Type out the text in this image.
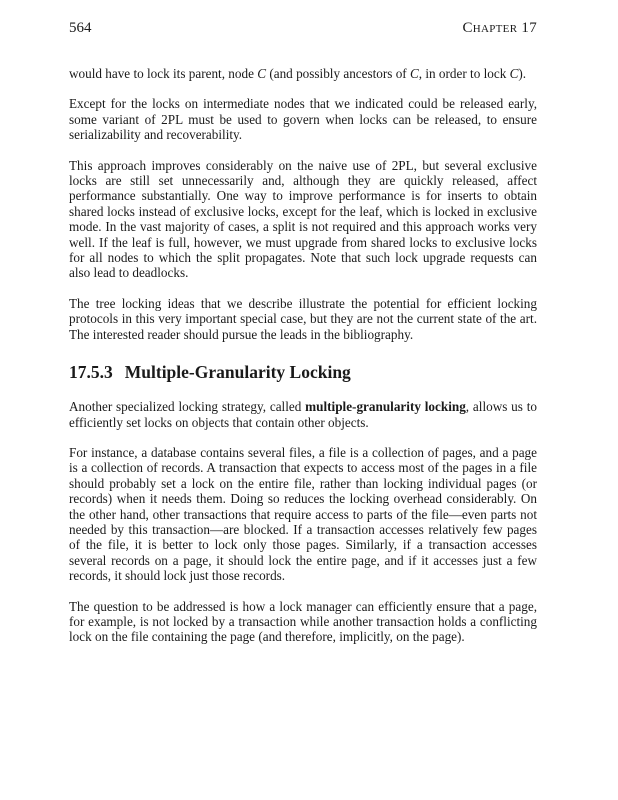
564	Chapter 17

would have to lock its parent, node C (and possibly ancestors of C, in order to lock C).

Except for the locks on intermediate nodes that we indicated could be released early, some variant of 2PL must be used to govern when locks can be released, to ensure serializability and recoverability.

This approach improves considerably on the naive use of 2PL, but several exclusive locks are still set unnecessarily and, although they are quickly released, affect performance substantially. One way to improve performance is for inserts to obtain shared locks instead of exclusive locks, except for the leaf, which is locked in exclusive mode. In the vast majority of cases, a split is not required and this approach works very well. If the leaf is full, however, we must upgrade from shared locks to exclusive locks for all nodes to which the split propagates. Note that such lock upgrade requests can also lead to deadlocks.

The tree locking ideas that we describe illustrate the potential for efficient locking protocols in this very important special case, but they are not the current state of the art. The interested reader should pursue the leads in the bibliography.

17.5.3 Multiple-Granularity Locking

Another specialized locking strategy, called multiple-granularity locking, allows us to efficiently set locks on objects that contain other objects.

For instance, a database contains several files, a file is a collection of pages, and a page is a collection of records. A transaction that expects to access most of the pages in a file should probably set a lock on the entire file, rather than locking individual pages (or records) when it needs them. Doing so reduces the locking overhead considerably. On the other hand, other transactions that require access to parts of the file—even parts not needed by this transaction—are blocked. If a transaction accesses relatively few pages of the file, it is better to lock only those pages. Similarly, if a transaction accesses several records on a page, it should lock the entire page, and if it accesses just a few records, it should lock just those records.

The question to be addressed is how a lock manager can efficiently ensure that a page, for example, is not locked by a transaction while another transaction holds a conflicting lock on the file containing the page (and therefore, implicitly, on the page).
